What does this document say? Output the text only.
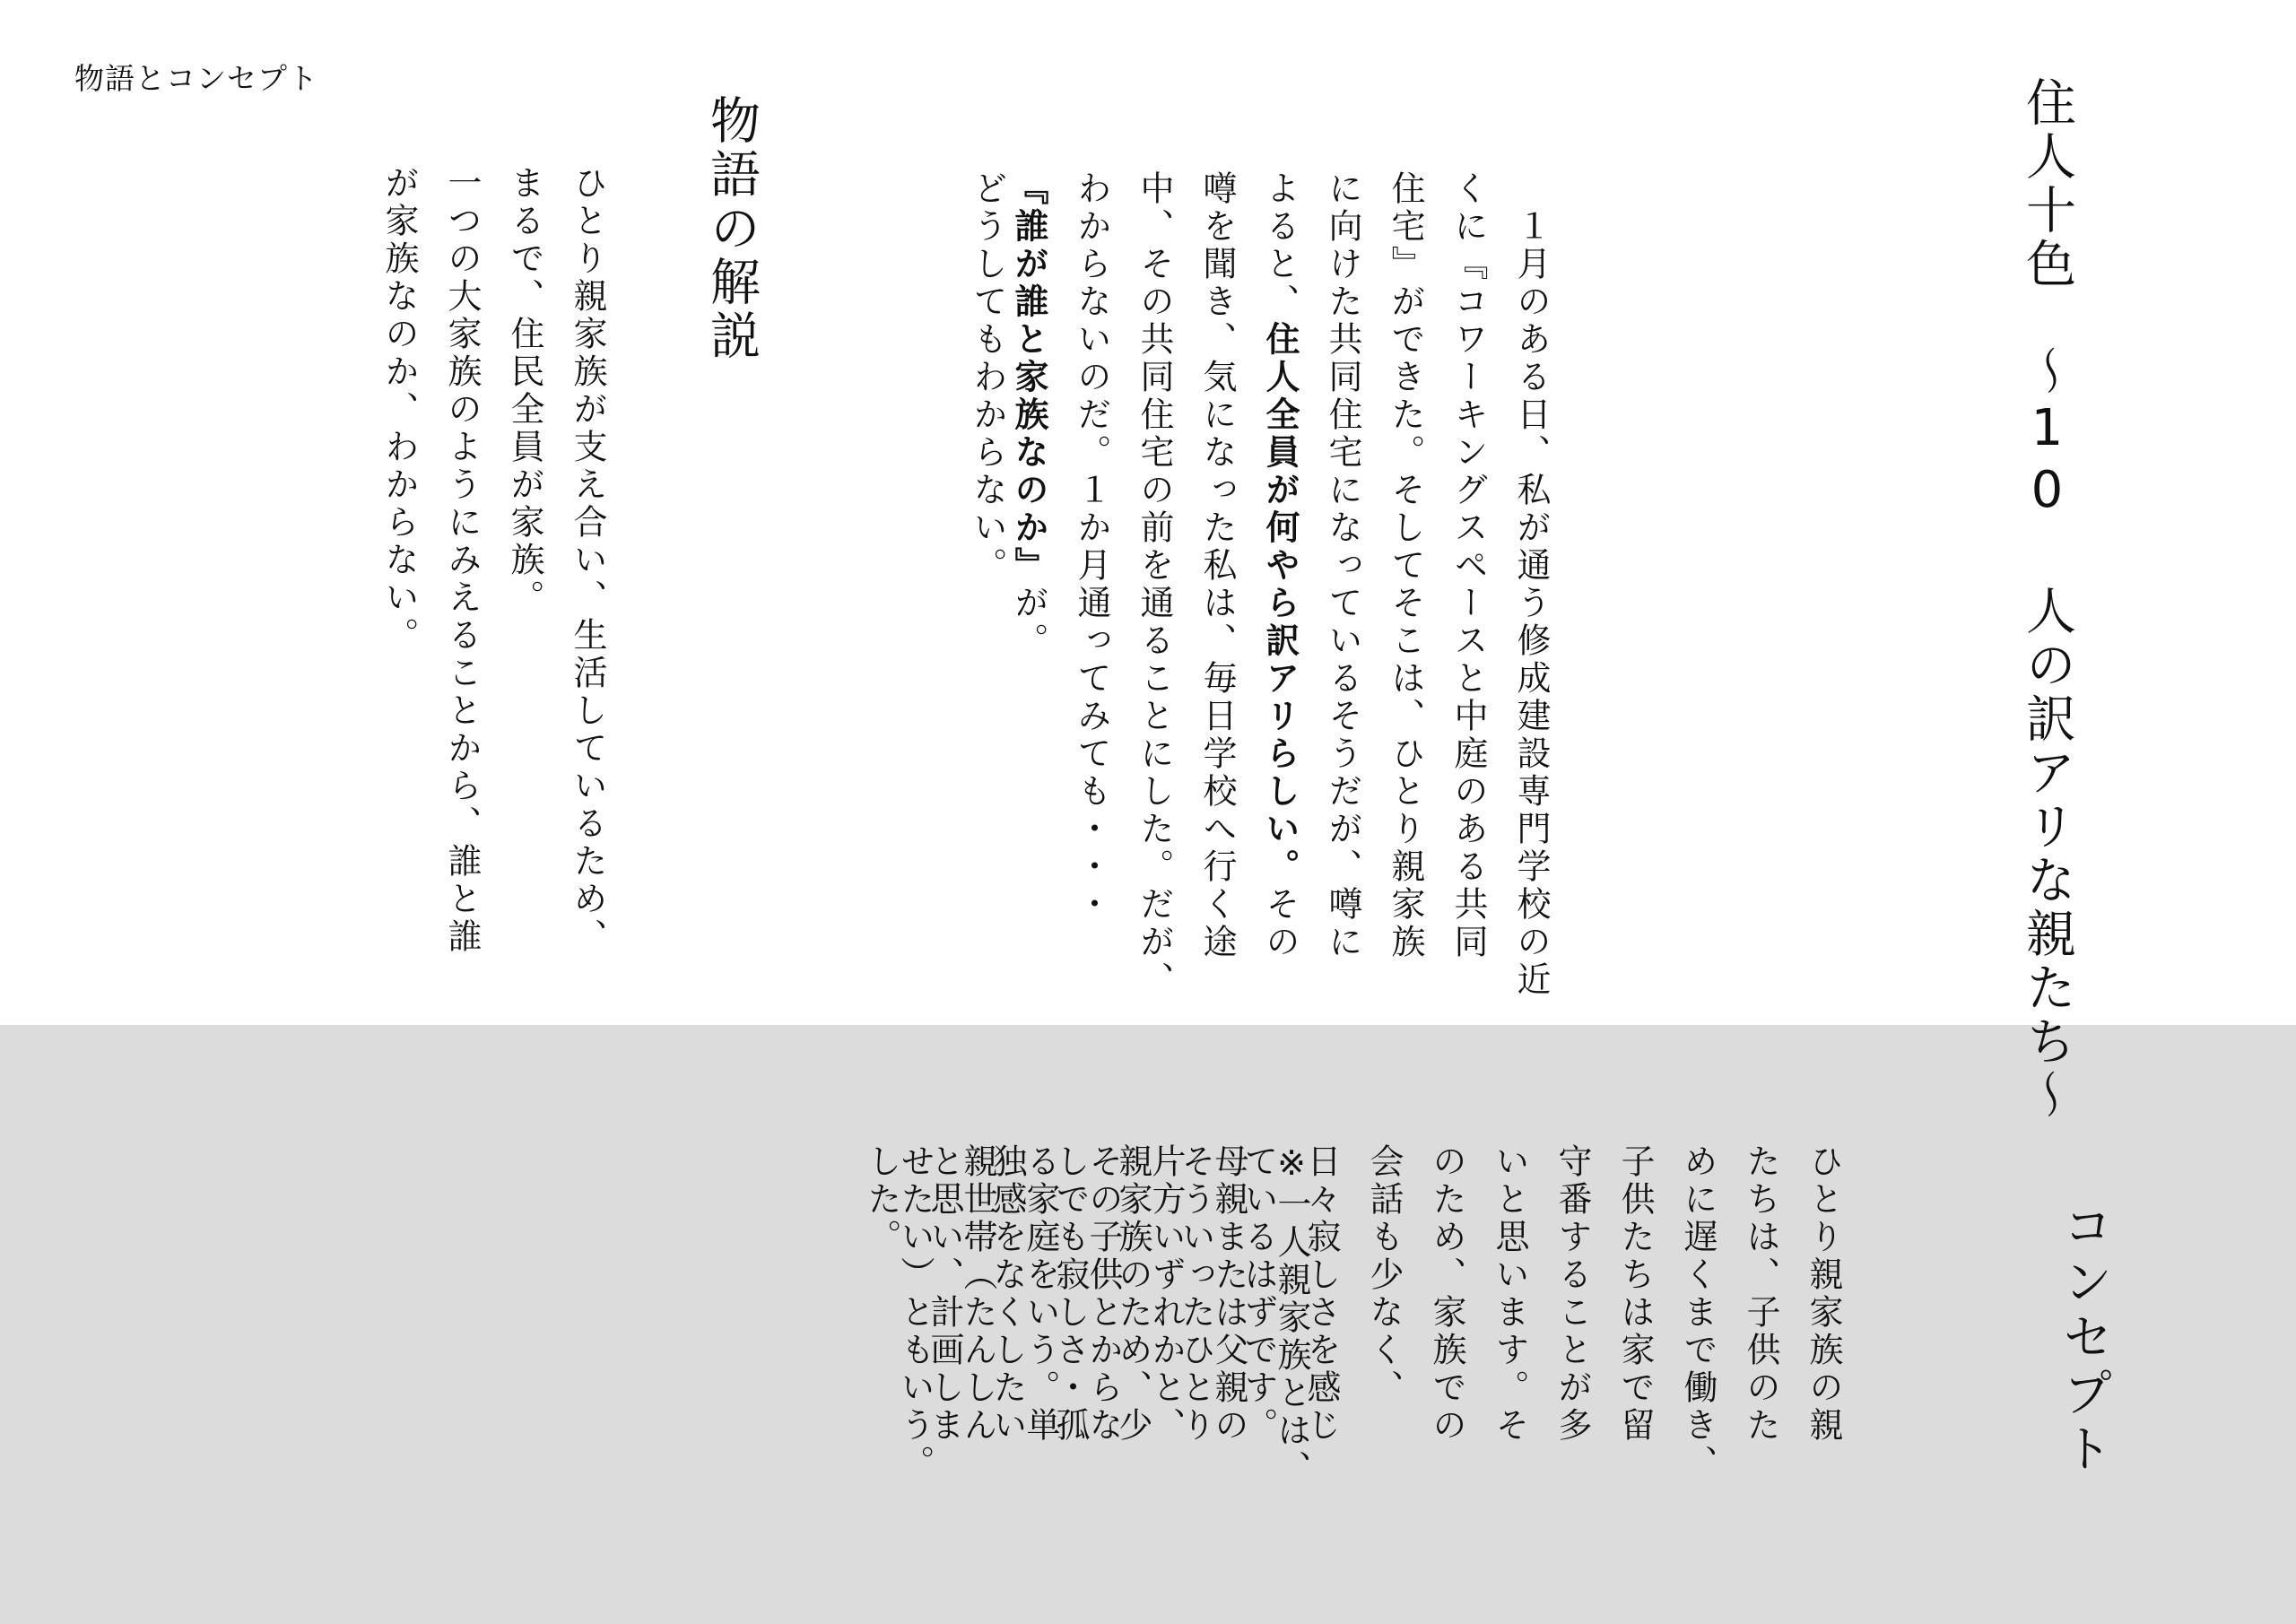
物語とコンセプト	住人十色　～10 人の訳アリな親たち～
どうしてもわからない。	　１月のある日、私が通う修成建設専門学校の近
くに『コワーキングスペースと中庭のある共同
住宅』ができた。そしてそこは、ひとり親家族
に向けた共同住宅になっているそうだが、噂に
よると、住人全員が何やら訳アリらしい。その
噂を聞き、気になった私は、毎日学校へ行く途
中、その共同住宅の前を通ることにした。だが、
わからないのだ。１か月通ってみても・・・
『誰が誰と家族なのか』が。
物語の解説
ひとり親家族が支え合い、生活しているため、
まるで、住民全員が家族。
一つの大家族のようにみえることから、誰と誰
が家族なのか、わからない。
コンセプト
ひとり親家族の親
たちは、子供のた
めに遅くまで働き、
子供たちは家で留
守番することが多
いと思います。そ
のため、家族での
会話も少なく、
日々寂しさを感じ
ているはずです。
そういったひとり
親家族のため、少
しでも寂しさ・孤
独感をなくしたい
と思い、計画しま
した。	※一人親家族とは、
母親または父親の
片方いずれかと、
その子供とからな
る家庭をいう。単
親世帯（たんしん
せたい）ともいう。
